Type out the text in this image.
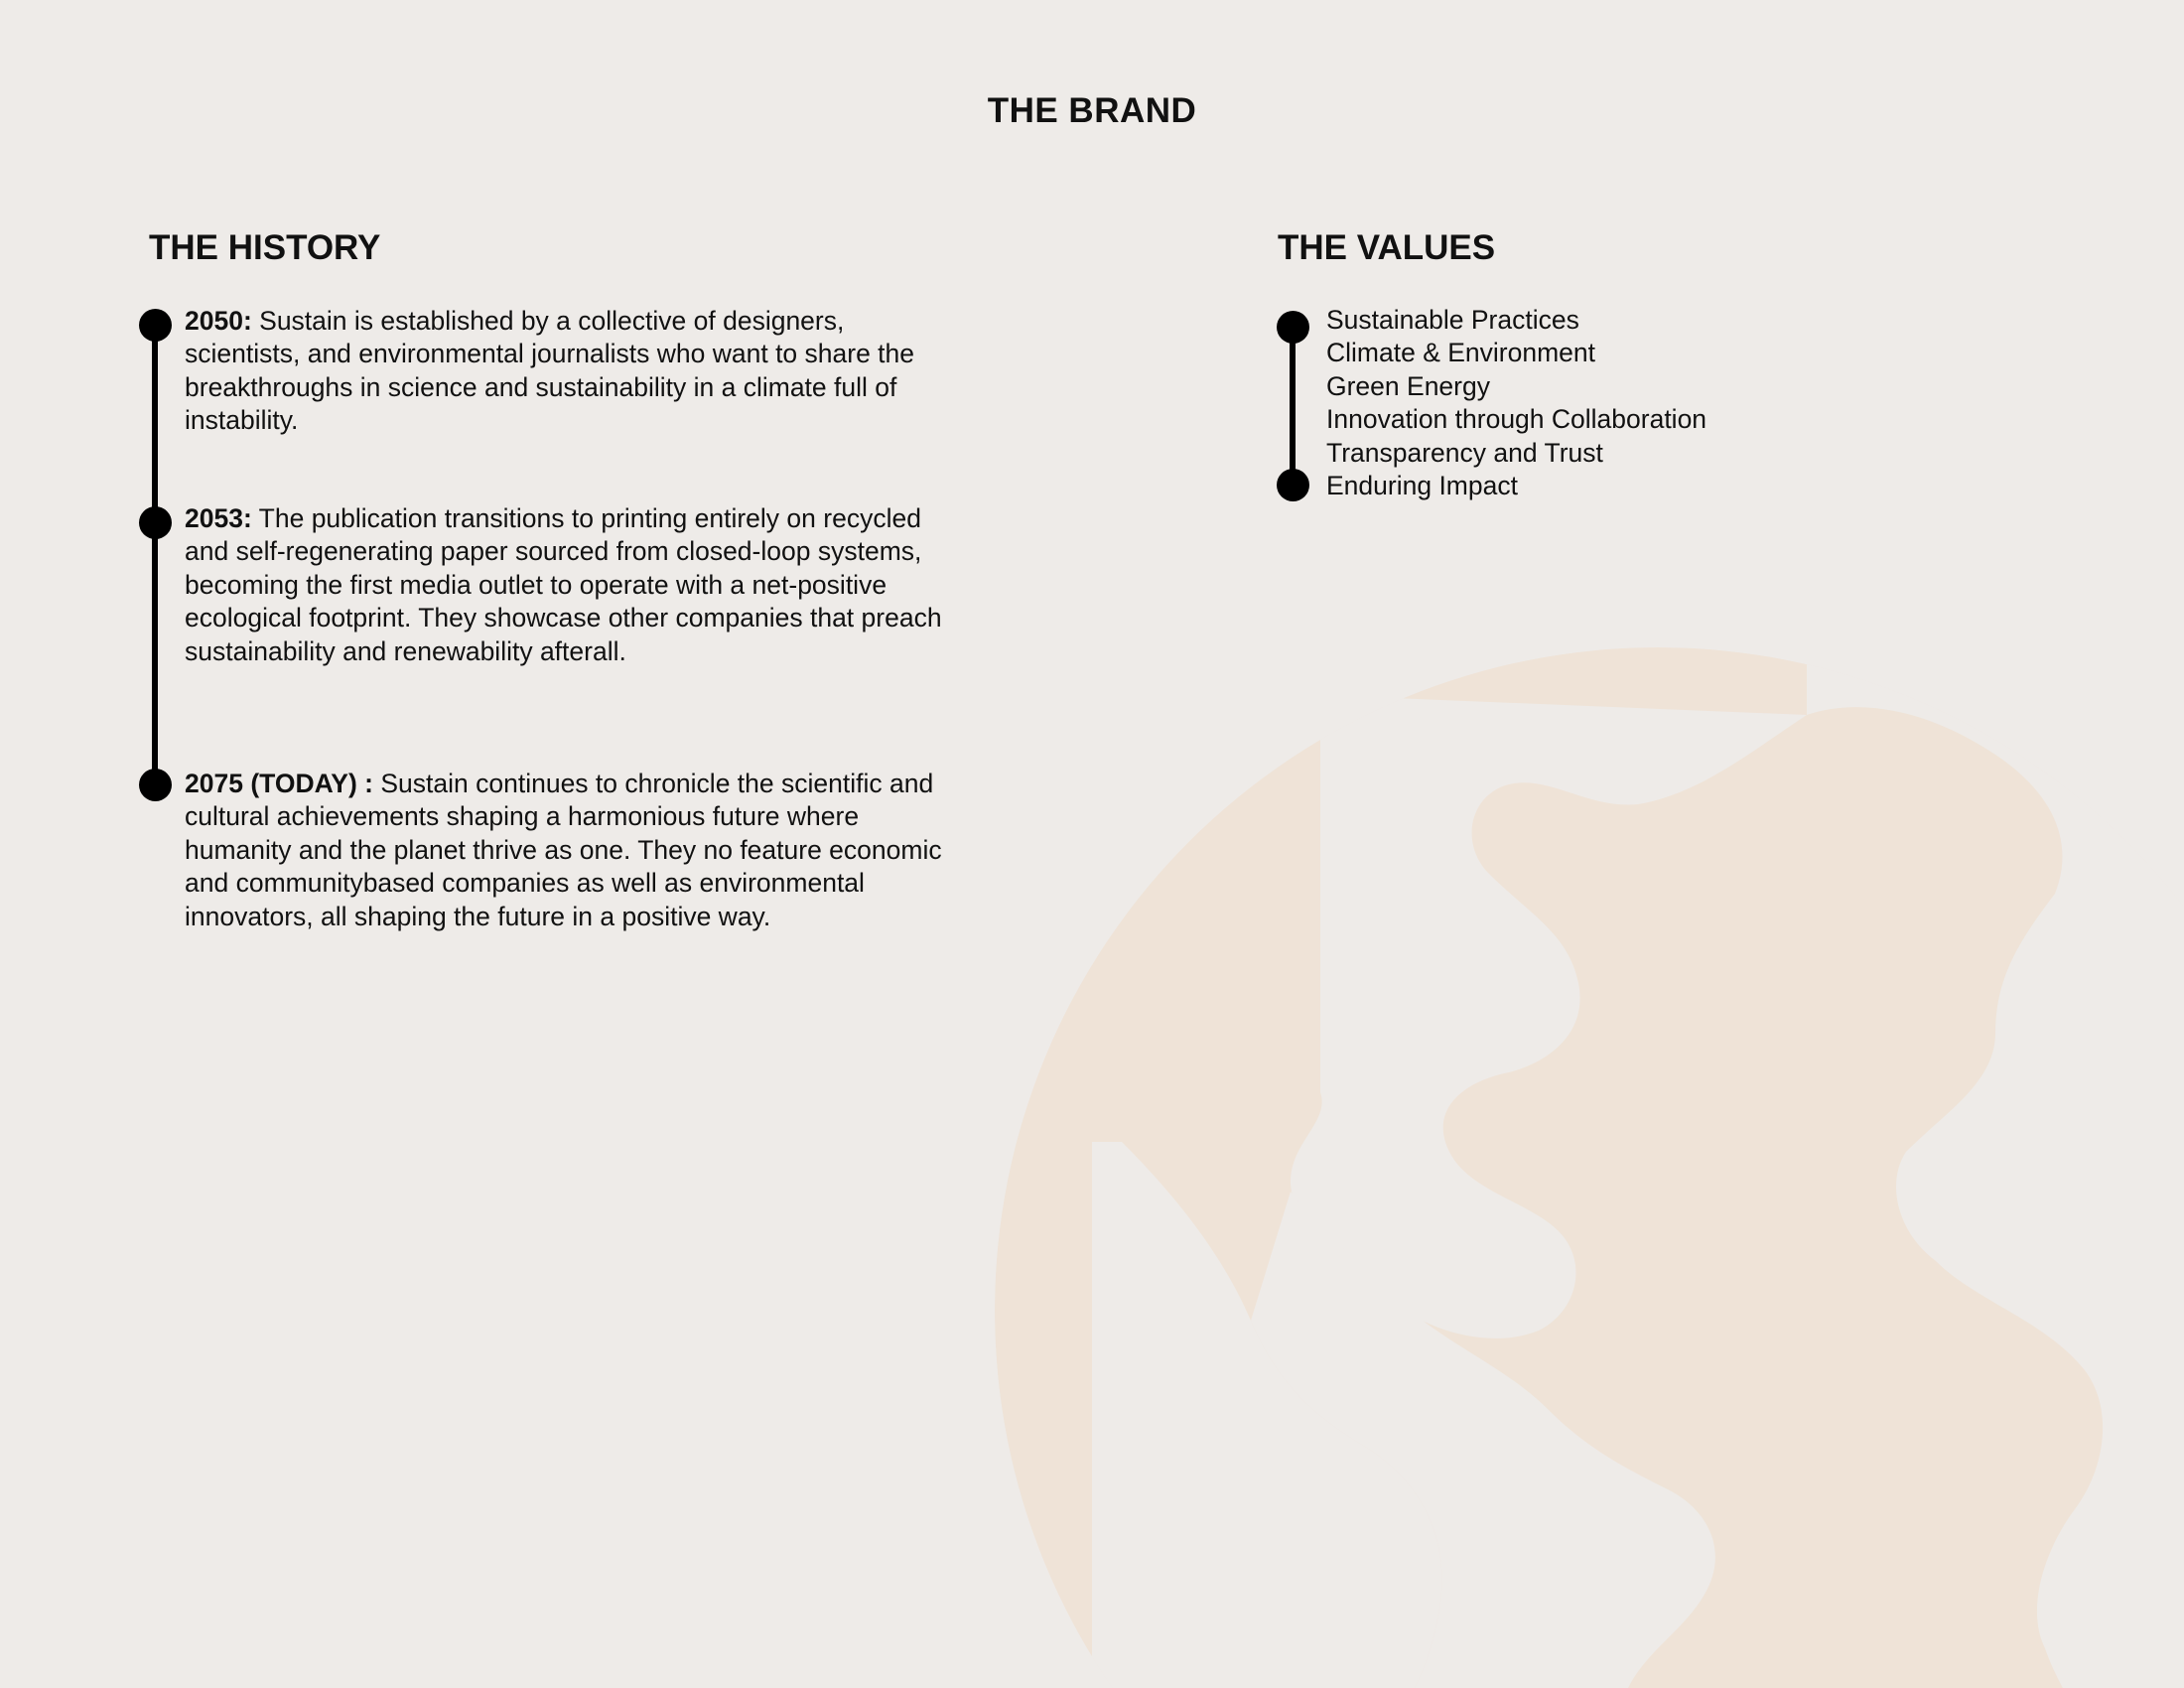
THE BRAND
THE HISTORY	THE VALUES

2050: Sustain is established by a collective of designers, scientists, and environmental journalists who want to share the breakthroughs in science and sustainability in a climate full of instability.

2053: The publication transitions to printing entirely on recycled and self-regenerating paper sourced from closed-loop systems, becoming the first media outlet to operate with a net-positive ecological footprint. They showcase other companies that preach sustainability and renewability afterall.

2075 (TODAY) : Sustain continues to chronicle the scientific and cultural achievements shaping a harmonious future where humanity and the planet thrive as one. They no feature economic and communitybased companies as well as environmental innovators, all shaping the future in a positive way.

Sustainable Practices
Climate & Environment
Green Energy
Innovation through Collaboration
Transparency and Trust
Enduring Impact
